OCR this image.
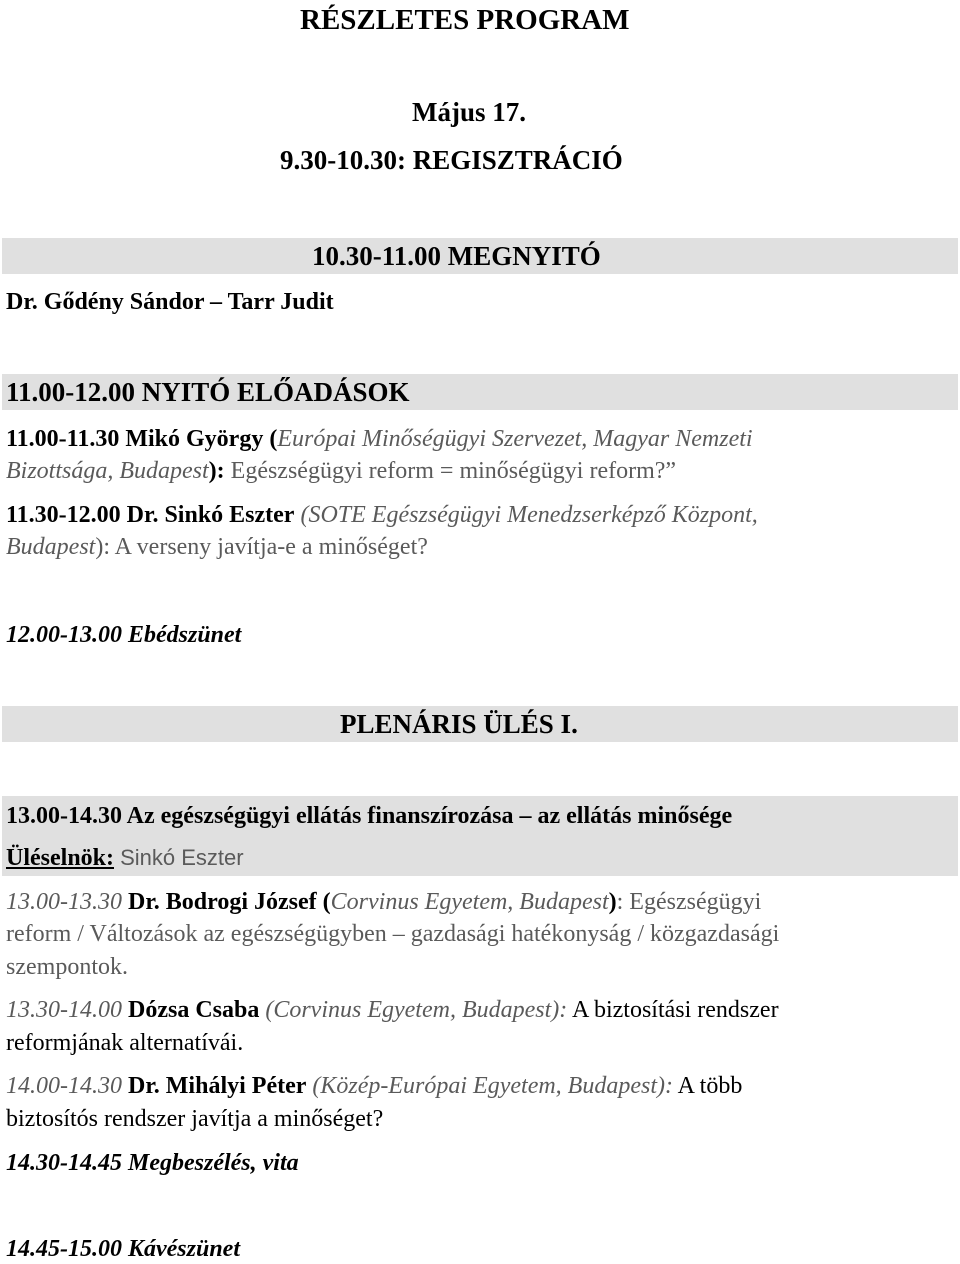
RÉSZLETES PROGRAM
Május 17.
9.30-10.30: REGISZTRÁCIÓ
10.30-11.00 MEGNYITÓ
Dr. Gődény Sándor – Tarr Judit
11.00-12.00 NYITÓ ELŐADÁSOK
11.00-11.30 Mikó György (Európai Minőségügyi Szervezet, Magyar Nemzeti
Bizottsága, Budapest): Egészségügyi reform = minőségügyi reform?”
11.30-12.00 Dr. Sinkó Eszter (SOTE Egészségügyi Menedzserképző Központ,
Budapest): A verseny javítja-e a minőséget?
12.00-13.00 Ebédszünet
PLENÁRIS ÜLÉS I.
13.00-14.30 Az egészségügyi ellátás finanszírozása – az ellátás minősége
Üléselnök: Sinkó Eszter
13.00-13.30 Dr. Bodrogi József (Corvinus Egyetem, Budapest): Egészségügyi
reform / Változások az egészségügyben – gazdasági hatékonyság / közgazdasági
szempontok.
13.30-14.00 Dózsa Csaba (Corvinus Egyetem, Budapest): A biztosítási rendszer
reformjának alternatívái.
14.00-14.30 Dr. Mihályi Péter (Közép-Európai Egyetem, Budapest): A több
biztosítós rendszer javítja a minőséget?
14.30-14.45 Megbeszélés, vita
14.45-15.00 Kávészünet
